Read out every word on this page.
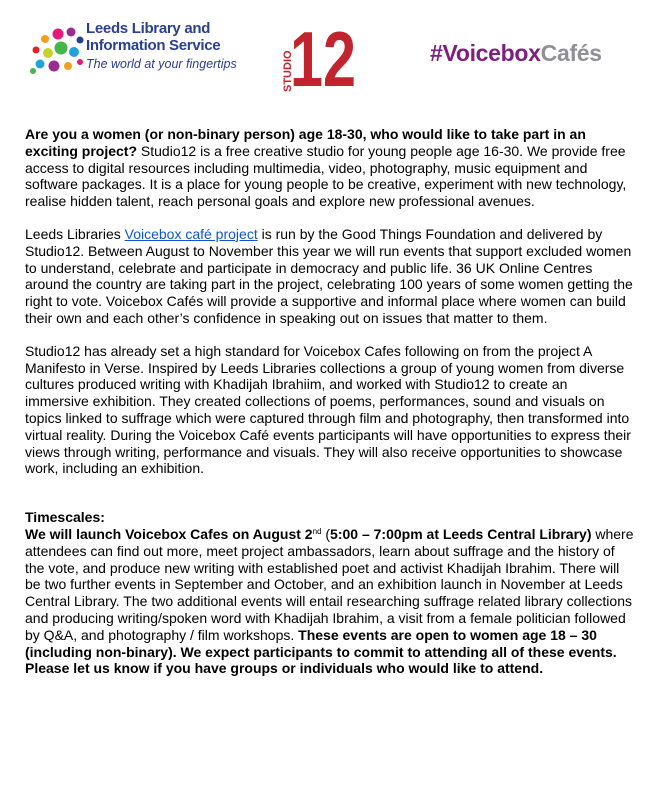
Leeds Library and
Information Service
The world at your fingertips	STUDIO
12	#VoiceboxCafés

Are you a women (or non-binary person) age 18-30, who would like to take part in an exciting project? Studio12 is a free creative studio for young people age 16-30. We provide free access to digital resources including multimedia, video, photography, music equipment and software packages. It is a place for young people to be creative, experiment with new technology, realise hidden talent, reach personal goals and explore new professional avenues.

Leeds Libraries Voicebox café project is run by the Good Things Foundation and delivered by Studio12. Between August to November this year we will run events that support excluded women to understand, celebrate and participate in democracy and public life. 36 UK Online Centres around the country are taking part in the project, celebrating 100 years of some women getting the right to vote. Voicebox Cafés will provide a supportive and informal place where women can build their own and each other’s confidence in speaking out on issues that matter to them.

Studio12 has already set a high standard for Voicebox Cafes following on from the project A Manifesto in Verse. Inspired by Leeds Libraries collections a group of young women from diverse cultures produced writing with Khadijah Ibrahiim, and worked with Studio12 to create an immersive exhibition. They created collections of poems, performances, sound and visuals on topics linked to suffrage which were captured through film and photography, then transformed into virtual reality. During the Voicebox Café events participants will have opportunities to express their views through writing, performance and visuals. They will also receive opportunities to showcase work, including an exhibition.

Timescales:

We will launch Voicebox Cafes on August 2nd (5:00 – 7:00pm at Leeds Central Library) where attendees can find out more, meet project ambassadors, learn about suffrage and the history of the vote, and produce new writing with established poet and activist Khadijah Ibrahim. There will be two further events in September and October, and an exhibition launch in November at Leeds Central Library. The two additional events will entail researching suffrage related library collections and producing writing/spoken word with Khadijah Ibrahim, a visit from a female politician followed by Q&A, and photography / film workshops. These events are open to women age 18 – 30 (including non-binary). We expect participants to commit to attending all of these events. Please let us know if you have groups or individuals who would like to attend.
